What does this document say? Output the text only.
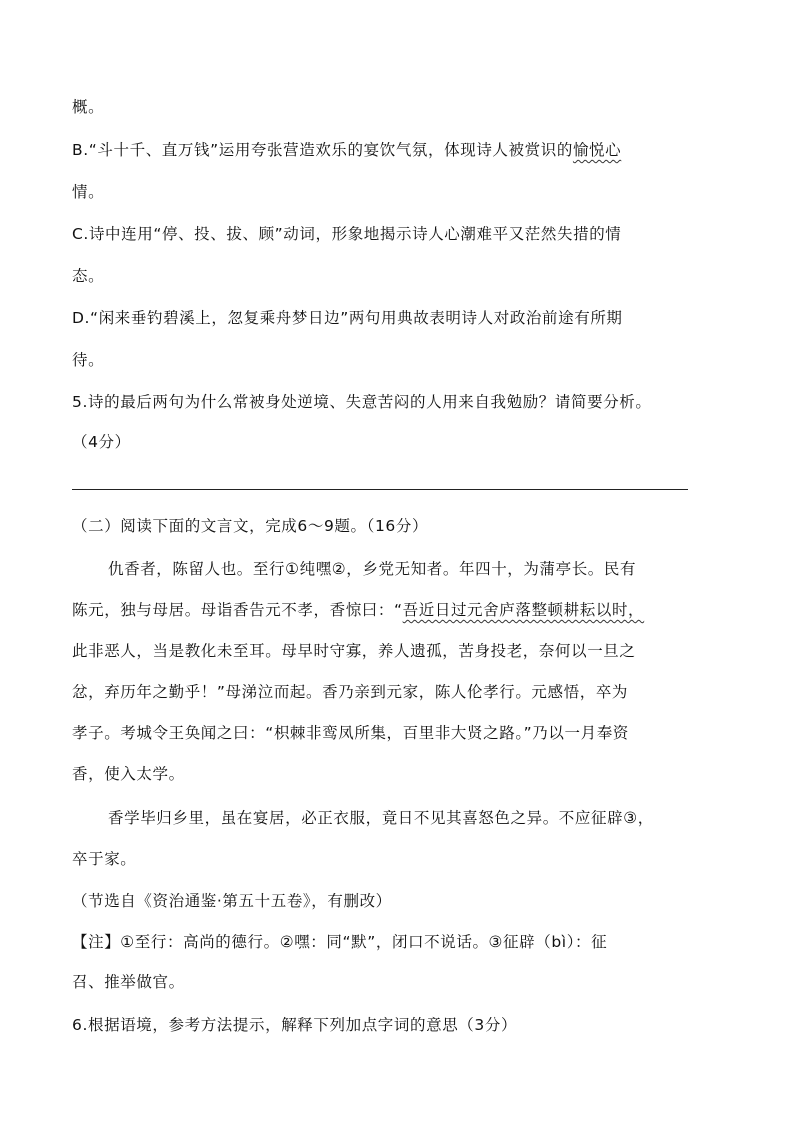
概。
B.“斗十千、直万钱”运用夸张营造欢乐的宴饮气氛，体现诗人被赏识的愉悦心
情。
C.诗中连用“停、投、拔、顾”动词，形象地揭示诗人心潮难平又茫然失措的情
态。
D.“闲来垂钓碧溪上，忽复乘舟梦日边”两句用典故表明诗人对政治前途有所期
待。
5.诗的最后两句为什么常被身处逆境、失意苦闷的人用来自我勉励？请简要分析。
（4分）
（二）阅读下面的文言文，完成6～9题。（16分）
仇香者，陈留人也。至行①纯嘿②，乡党无知者。年四十，为蒲亭长。民有
陈元，独与母居。母诣香告元不孝，香惊曰：“吾近日过元舍庐落整顿耕耘以时，
此非恶人，当是教化未至耳。母早时守寡，养人遗孤，苦身投老，奈何以一旦之
忿，弃历年之勤乎！”母涕泣而起。香乃亲到元家，陈人伦孝行。元感悟，卒为
孝子。考城令王奂闻之曰：“枳棘非鸾凤所集，百里非大贤之路。”乃以一月奉资
香，使入太学。
香学毕归乡里，虽在宴居，必正衣服，竟日不见其喜怒色之异。不应征辟③，
卒于家。
（节选自《资治通鉴·第五十五卷》，有删改）
【注】①至行：高尚的德行。②嘿：同“默”，闭口不说话。③征辟（bì）：征
召、推举做官。
6.根据语境，参考方法提示，解释下列加点字词的意思（3分）
